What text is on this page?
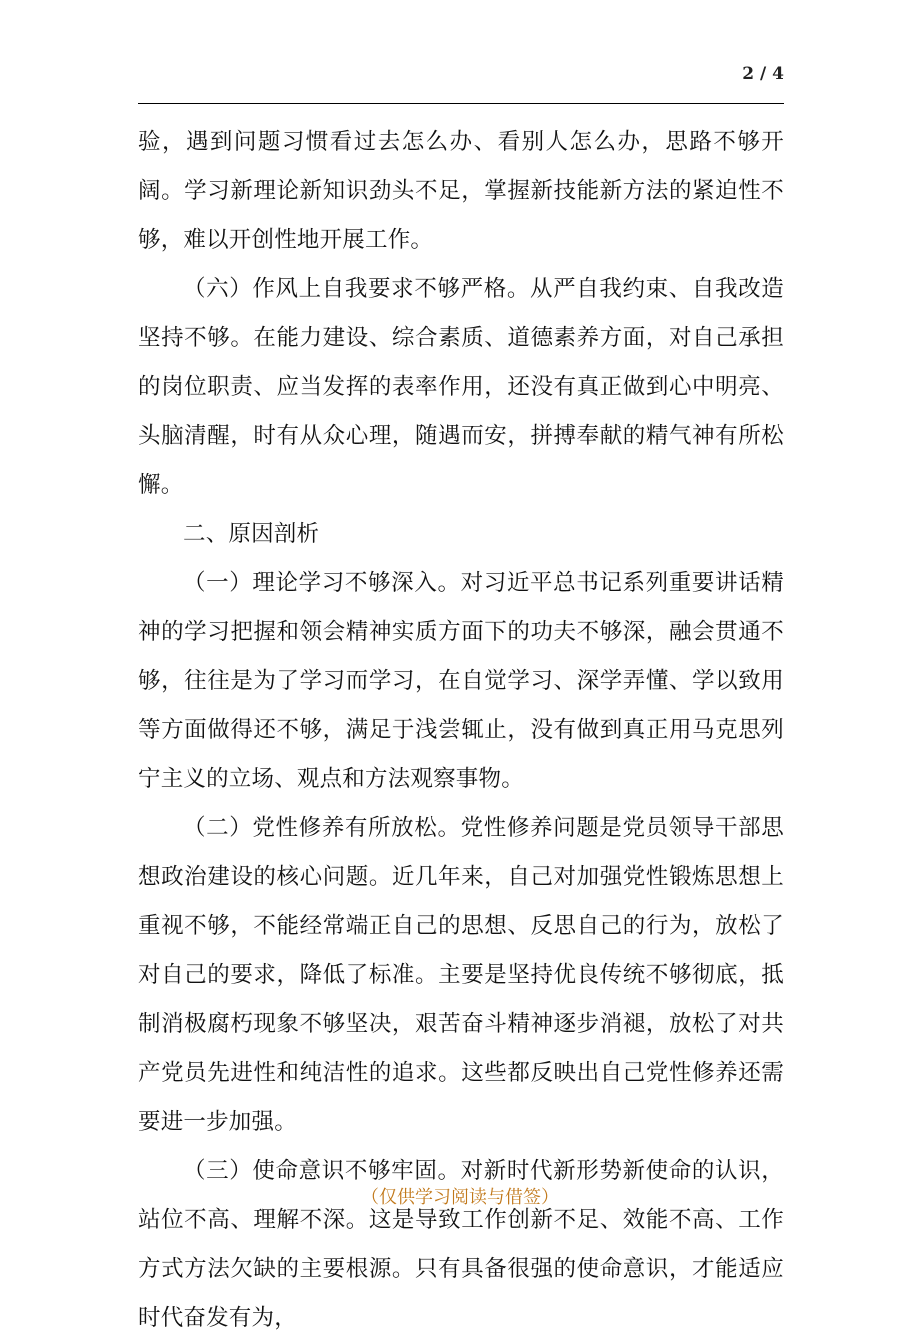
2 / 4

验，遇到问题习惯看过去怎么办、看别人怎么办，思路不够开阔。学习新理论新知识劲头不足，掌握新技能新方法的紧迫性不够，难以开创性地开展工作。

（六）作风上自我要求不够严格。从严自我约束、自我改造坚持不够。在能力建设、综合素质、道德素养方面，对自己承担的岗位职责、应当发挥的表率作用，还没有真正做到心中明亮、头脑清醒，时有从众心理，随遇而安，拼搏奉献的精气神有所松懈。

二、原因剖析

（一）理论学习不够深入。对习近平总书记系列重要讲话精神的学习把握和领会精神实质方面下的功夫不够深，融会贯通不够，往往是为了学习而学习，在自觉学习、深学弄懂、学以致用等方面做得还不够，满足于浅尝辄止，没有做到真正用马克思列宁主义的立场、观点和方法观察事物。

（二）党性修养有所放松。党性修养问题是党员领导干部思想政治建设的核心问题。近几年来，自己对加强党性锻炼思想上重视不够，不能经常端正自己的思想、反思自己的行为，放松了对自己的要求，降低了标准。主要是坚持优良传统不够彻底，抵制消极腐朽现象不够坚决，艰苦奋斗精神逐步消褪，放松了对共产党员先进性和纯洁性的追求。这些都反映出自己党性修养还需要进一步加强。

（三）使命意识不够牢固。对新时代新形势新使命的认识，站位不高、理解不深。这是导致工作创新不足、效能不高、工作方式方法欠缺的主要根源。只有具备很强的使命意识，才能适应时代奋发有为，

（仅供学习阅读与借签）
